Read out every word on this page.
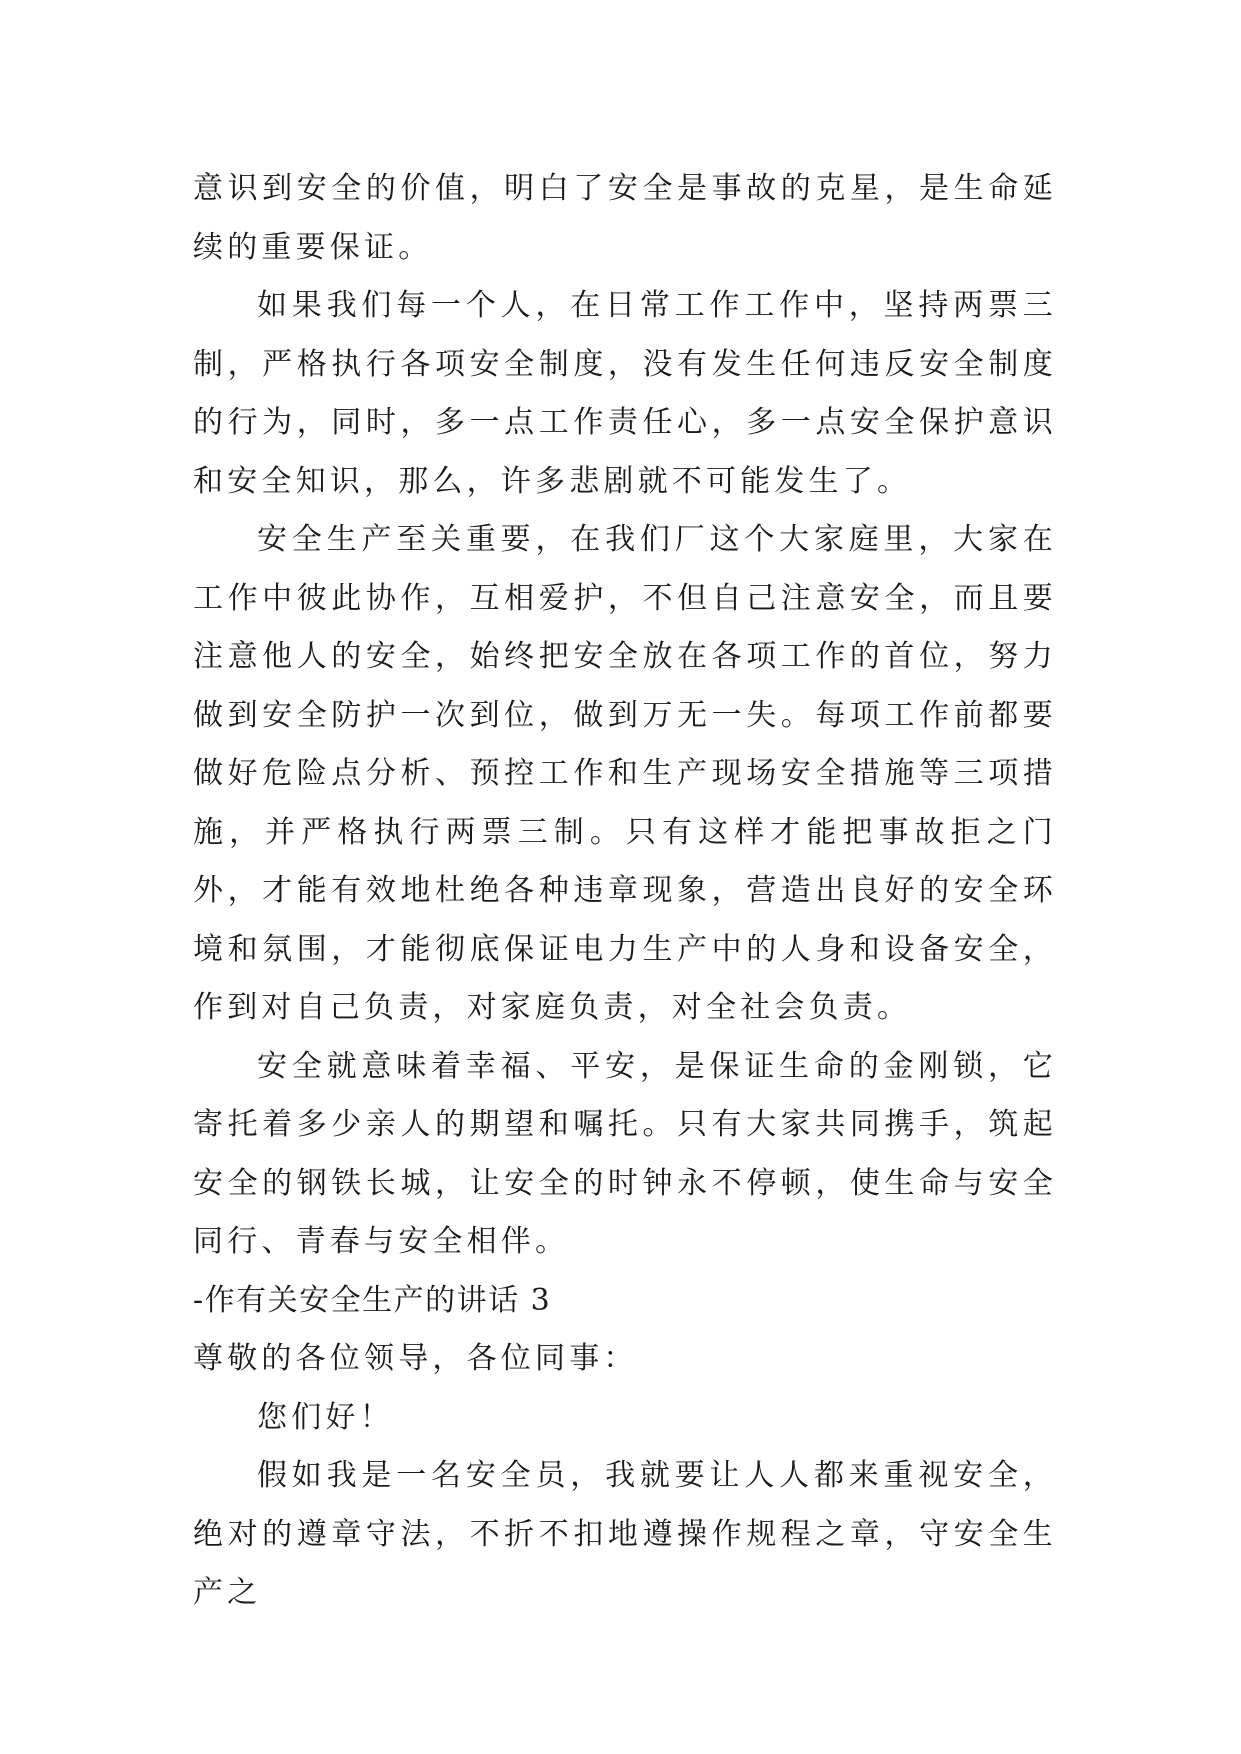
意识到安全的价值，明白了安全是事故的克星，是生命延续的重要保证。

如果我们每一个人，在日常工作工作中，坚持两票三制，严格执行各项安全制度，没有发生任何违反安全制度的行为，同时，多一点工作责任心，多一点安全保护意识和安全知识，那么，许多悲剧就不可能发生了。

安全生产至关重要，在我们厂这个大家庭里，大家在工作中彼此协作，互相爱护，不但自己注意安全，而且要注意他人的安全，始终把安全放在各项工作的首位，努力做到安全防护一次到位，做到万无一失。每项工作前都要做好危险点分析、预控工作和生产现场安全措施等三项措施，并严格执行两票三制。只有这样才能把事故拒之门外，才能有效地杜绝各种违章现象，营造出良好的安全环境和氛围，才能彻底保证电力生产中的人身和设备安全，作到对自己负责，对家庭负责，对全社会负责。

安全就意味着幸福、平安，是保证生命的金刚锁，它寄托着多少亲人的期望和嘱托。只有大家共同携手，筑起安全的钢铁长城，让安全的时钟永不停顿，使生命与安全同行、青春与安全相伴。

-作有关安全生产的讲话 3

尊敬的各位领导，各位同事：

您们好！

假如我是一名安全员，我就要让人人都来重视安全，绝对的遵章守法，不折不扣地遵操作规程之章，守安全生产之
